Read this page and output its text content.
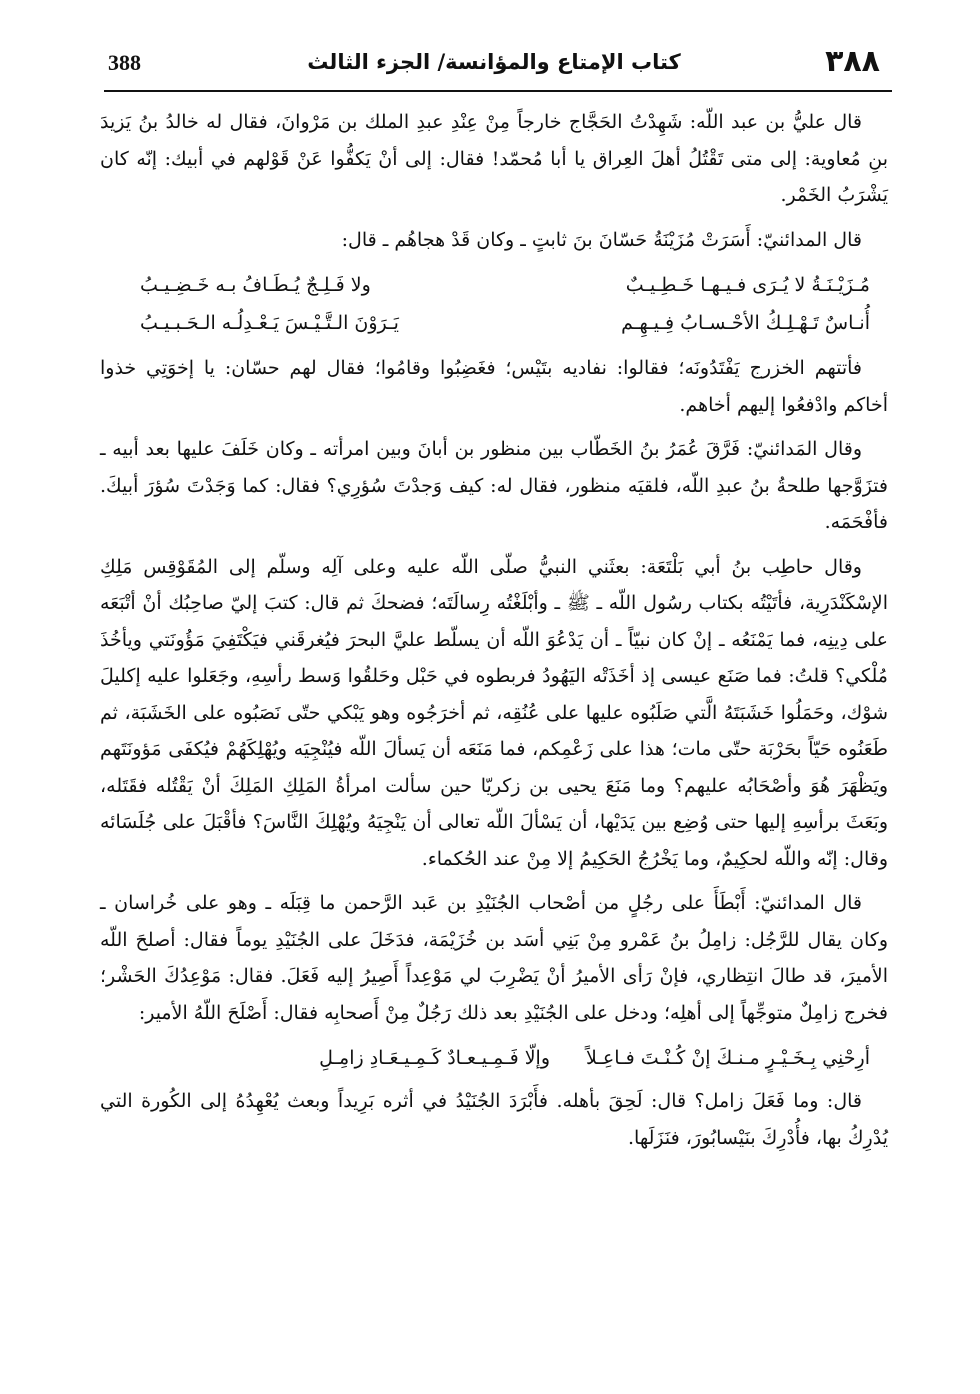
٣٨٨
كتاب الإمتاع والمؤانسة/ الجزء الثالث
388

قال عليُّ بن عبد اللّه: شَهِدْتُ الحَجَّاج خارجاً مِنْ عِنْدِ عبدِ الملك بن مَرْوانَ، فقال له خالدُ بنُ يَزيدَ بنِ مُعاوية: إلى متى تَقْتُلُ أهلَ العِراق يا أبا مُحمّد! فقال: إلى أنْ يَكفُّوا عَنْ قَوْلهم في أبيك: إنّه كان يَشْرَبُ الخَمْر.

قال المدائنيّ: أَسَرَتْ مُزَيْنَةُ حَسّانَ بنَ ثابتٍ ـ وكان قَدْ هجاهُم ـ قال:

مُـزَيْـنَـةُ لا يُـرَى فـيـهـا خَـطِـيـبٌ
ولا فَـلِـجٌ يُـطَـافُ بـه خَـضِـيـبُ
أُنـاسٌ تَـهْـلِـكُ الأحْـسـابُ فِـيـهِـم
يَـرَوْنَ الـتَّـيْـسَ يَـعْـدِلُـه الـحَـبـيـبُ

فأتتهم الخزرج يَفْتَدُونَه؛ فقالوا: نفاديه بتَيْس؛ فغَضِبُوا وقامُوا؛ فقال لهم حسّان: يا إخوَتِي خذوا أخاكم وادْفعُوا إليهم أخاهم.

وقال المَدائنيّ: فَرَّقَ عُمَرُ بنُ الخَطّاب بين منظور بن أبانَ وبين امرأته ـ وكان خَلَفَ عليها بعد أبيه ـ فتزَوَّجها طلحةُ بنُ عبدِ اللّه، فلقيَه منظور، فقال له: كيف وَجدْتَ سُؤرِي؟ فقال: كما وَجَدْتَ سُؤرَ أبيكَ. فأفْحَمَه.

وقال حاطِب بنُ أبي بَلْتَعَة: بعثَني النبيُّ صلّى اللّه عليه وعلى آلِه وسلّم إلى المُقَوْقِس مَلِكِ الإسْكَنْدَرِية، فأتَيْتُه بكتاب رسُول اللّه ـ ﷺ ـ وأبْلَغْتُه رِسالَتَه؛ فضحكَ ثم قال: كتبَ إليّ صاحِبُك أنْ أتْبَعَه على دِينِه، فما يَمْنَعُه ـ إنْ كان نبيّاً ـ أن يَدْعُوَ اللّه أن يسلّط عليَّ البحرَ فيُغرقَني فيَكْتَفِيَ مَؤُونَتي ويأخُذَ مُلْكي؟ قلتُ: فما صَنَع عيسى إذ أخَذَتْه اليَهُودُ فربطوه في حَبْل وحَلقُوا وَسط رأسِهِ، وجَعَلوا عليه إكليلَ شوْك، وحَمَلُوا خَشَبَتَهُ الَّتي صَلَبُوه عليها على عُنُقِه، ثم أخرَجُوه وهو يَبْكي حتّى نَصَبُوه على الخَشَبَة، ثم طَعَنُوه حَيّاً بحَرْبَة حتّى مات؛ هذا على زَعْمِكم، فما مَنَعَه أن يَسألَ اللّه فيُنْجِيَه ويُهْلِكَهُمْ فيُكفَى مَؤونَتَهم ويَظْهَرَ هُوَ وأصْحَابُه عليهم؟ وما مَنَعَ يحيى بن زكريّا حين سألت امرأةُ المَلِكِ المَلِكَ أنْ يَقْتُله فقَتَله، وبَعَثَ برأسِهِ إليها حتى وُضِع بين يَدَيْها، أن يَسْألَ اللّه تعالى أن يَنْجِيَهُ ويُهْلِكَ النَّاسَ؟ فأقْبَلَ على جُلَسَائه وقال: إنّه واللّه لحكِيمٌ، وما يَخْرُجُ الحَكِيمُ إلا مِنْ عند الحُكماء.

قال المدائنيّ: أَبْطَأَ على رجُلٍ من أصْحاب الجُنَيْدِ بن عَبد الرَّحمن ما قِبَلَه ـ وهو على خُراسان ـ وكان يقال للرَّجُل: زامِلُ بنُ عَمْرو مِنْ بَنِي أسَد بن خُزَيْمَة، فدَخَلَ على الجُنَيْدِ يوماً فقال: أصلحَ اللّه الأميرَ، قد طالَ انتِظاري، فإنْ رَأى الأميرُ أنْ يَضْرِبَ لي مَوْعِداً أَصِيرُ إليه فَعَلَ. فقال: مَوْعِدُكَ الحَشْر؛ فخرج زامِلٌ متوجِّهاً إلى أهلِه؛ ودخل على الجُنَيْدِ بعد ذلك رَجُلٌ مِنْ أَصحابِه فقال: أَصْلَحَ اللّهُ الأمير:

أرِحْنِي بِـخَـيْـرٍ مـنـكَ إنْ كُـنْـتَ فـاعِـلاً
وإلّا فَـمِـيـعـادٌ كَـمِـيـعَـادِ زامِـلِ

قال: وما فَعَلَ زامل؟ قال: لَحِقَ بأهله. فأَبْرَدَ الجُنَيْدُ في أثره بَرِيداً وبعث يُعْهِدُهُ إلى الكُورة التي يُدْرِكُ بها، فأُدْرِكَ بنَيْسابُورَ، فنَزَلَها.
